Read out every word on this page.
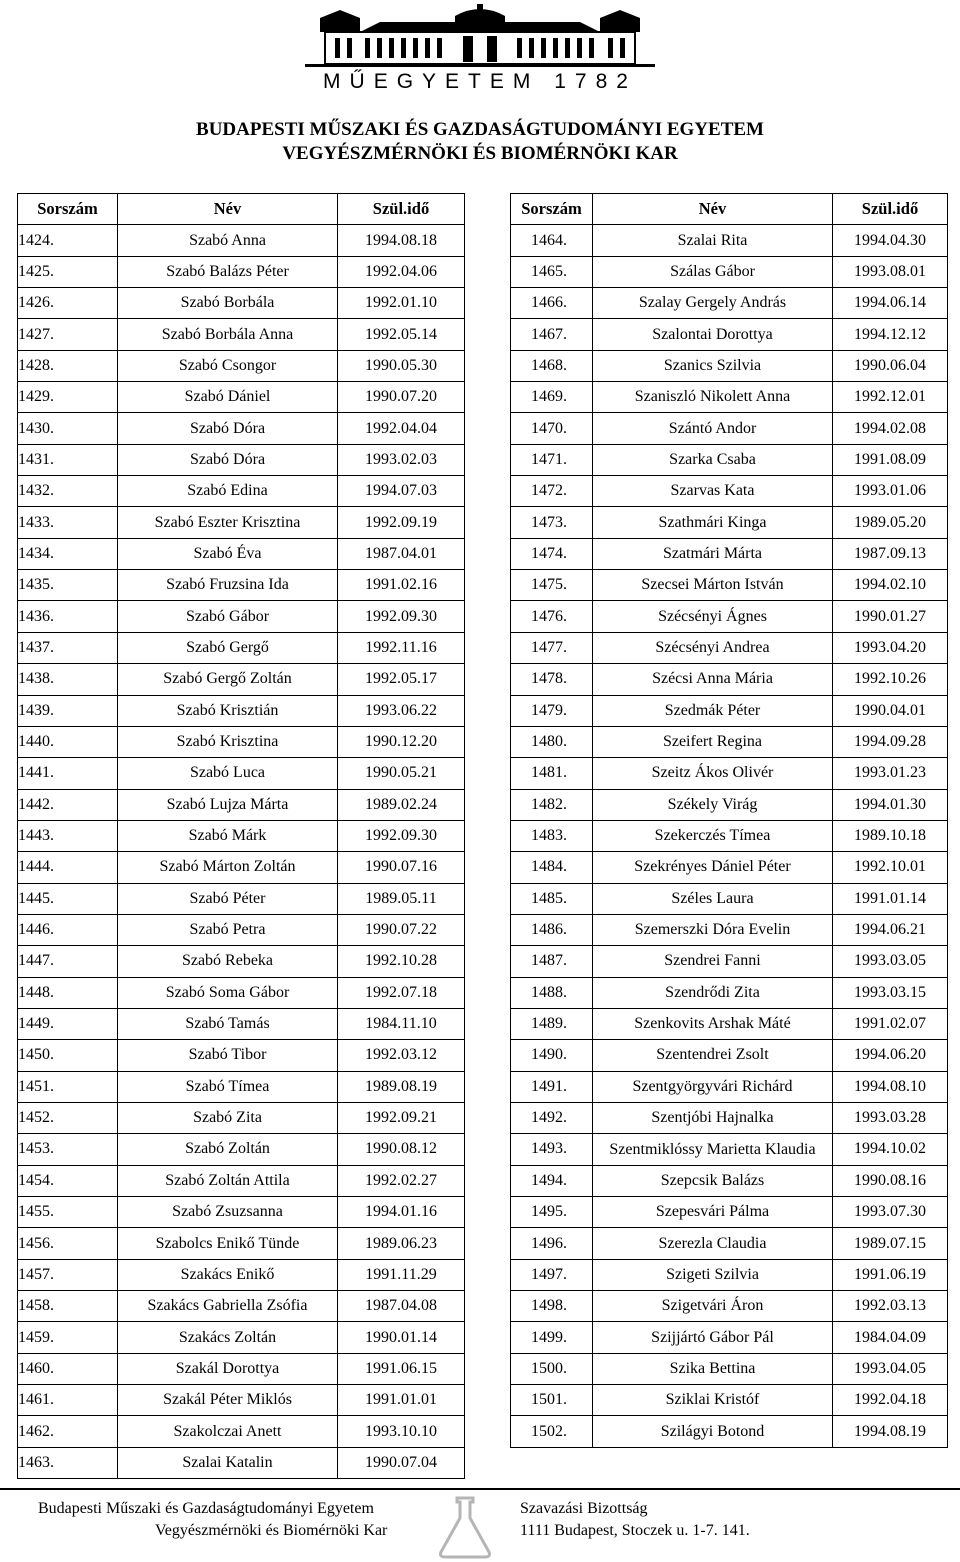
MŰEGYETEM 1782
BUDAPESTI MŰSZAKI ÉS GAZDASÁGTUDOMÁNYI EGYETEM
VEGYÉSZMÉRNÖKI ÉS BIOMÉRNÖKI KAR
Sorszám	Név	Szül.idő
1424.	Szabó Anna	1994.08.18
1425.	Szabó Balázs Péter	1992.04.06
1426.	Szabó Borbála	1992.01.10
1427.	Szabó Borbála Anna	1992.05.14
1428.	Szabó Csongor	1990.05.30
1429.	Szabó Dániel	1990.07.20
1430.	Szabó Dóra	1992.04.04
1431.	Szabó Dóra	1993.02.03
1432.	Szabó Edina	1994.07.03
1433.	Szabó Eszter Krisztina	1992.09.19
1434.	Szabó Éva	1987.04.01
1435.	Szabó Fruzsina Ida	1991.02.16
1436.	Szabó Gábor	1992.09.30
1437.	Szabó Gergő	1992.11.16
1438.	Szabó Gergő Zoltán	1992.05.17
1439.	Szabó Krisztián	1993.06.22
1440.	Szabó Krisztina	1990.12.20
1441.	Szabó Luca	1990.05.21
1442.	Szabó Lujza Márta	1989.02.24
1443.	Szabó Márk	1992.09.30
1444.	Szabó Márton Zoltán	1990.07.16
1445.	Szabó Péter	1989.05.11
1446.	Szabó Petra	1990.07.22
1447.	Szabó Rebeka	1992.10.28
1448.	Szabó Soma Gábor	1992.07.18
1449.	Szabó Tamás	1984.11.10
1450.	Szabó Tibor	1992.03.12
1451.	Szabó Tímea	1989.08.19
1452.	Szabó Zita	1992.09.21
1453.	Szabó Zoltán	1990.08.12
1454.	Szabó Zoltán Attila	1992.02.27
1455.	Szabó Zsuzsanna	1994.01.16
1456.	Szabolcs Enikő Tünde	1989.06.23
1457.	Szakács Enikő	1991.11.29
1458.	Szakács Gabriella Zsófia	1987.04.08
1459.	Szakács Zoltán	1990.01.14
1460.	Szakál Dorottya	1991.06.15
1461.	Szakál Péter Miklós	1991.01.01
1462.	Szakolczai Anett	1993.10.10
1463.	Szalai Katalin	1990.07.04
Sorszám	Név	Szül.idő
1464.	Szalai Rita	1994.04.30
1465.	Szálas Gábor	1993.08.01
1466.	Szalay Gergely András	1994.06.14
1467.	Szalontai Dorottya	1994.12.12
1468.	Szanics Szilvia	1990.06.04
1469.	Szaniszló Nikolett Anna	1992.12.01
1470.	Szántó Andor	1994.02.08
1471.	Szarka Csaba	1991.08.09
1472.	Szarvas Kata	1993.01.06
1473.	Szathmári Kinga	1989.05.20
1474.	Szatmári Márta	1987.09.13
1475.	Szecsei Márton István	1994.02.10
1476.	Szécsényi Ágnes	1990.01.27
1477.	Szécsényi Andrea	1993.04.20
1478.	Szécsi Anna Mária	1992.10.26
1479.	Szedmák Péter	1990.04.01
1480.	Szeifert Regina	1994.09.28
1481.	Szeitz Ákos Olivér	1993.01.23
1482.	Székely Virág	1994.01.30
1483.	Szekerczés Tímea	1989.10.18
1484.	Szekrényes Dániel Péter	1992.10.01
1485.	Széles Laura	1991.01.14
1486.	Szemerszki Dóra Evelin	1994.06.21
1487.	Szendrei Fanni	1993.03.05
1488.	Szendrődi Zita	1993.03.15
1489.	Szenkovits Arshak Máté	1991.02.07
1490.	Szentendrei Zsolt	1994.06.20
1491.	Szentgyörgyvári Richárd	1994.08.10
1492.	Szentjóbi Hajnalka	1993.03.28
1493.	Szentmiklóssy Marietta Klaudia	1994.10.02
1494.	Szepcsik Balázs	1990.08.16
1495.	Szepesvári Pálma	1993.07.30
1496.	Szerezla Claudia	1989.07.15
1497.	Szigeti Szilvia	1991.06.19
1498.	Szigetvári Áron	1992.03.13
1499.	Szijjártó Gábor Pál	1984.04.09
1500.	Szika Bettina	1993.04.05
1501.	Sziklai Kristóf	1992.04.18
1502.	Szilágyi Botond	1994.08.19
Budapesti Műszaki és Gazdaságtudományi Egyetem
Vegyészmérnöki és Biomérnöki Kar
Szavazási Bizottság
1111 Budapest, Stoczek u. 1-7. 141.
